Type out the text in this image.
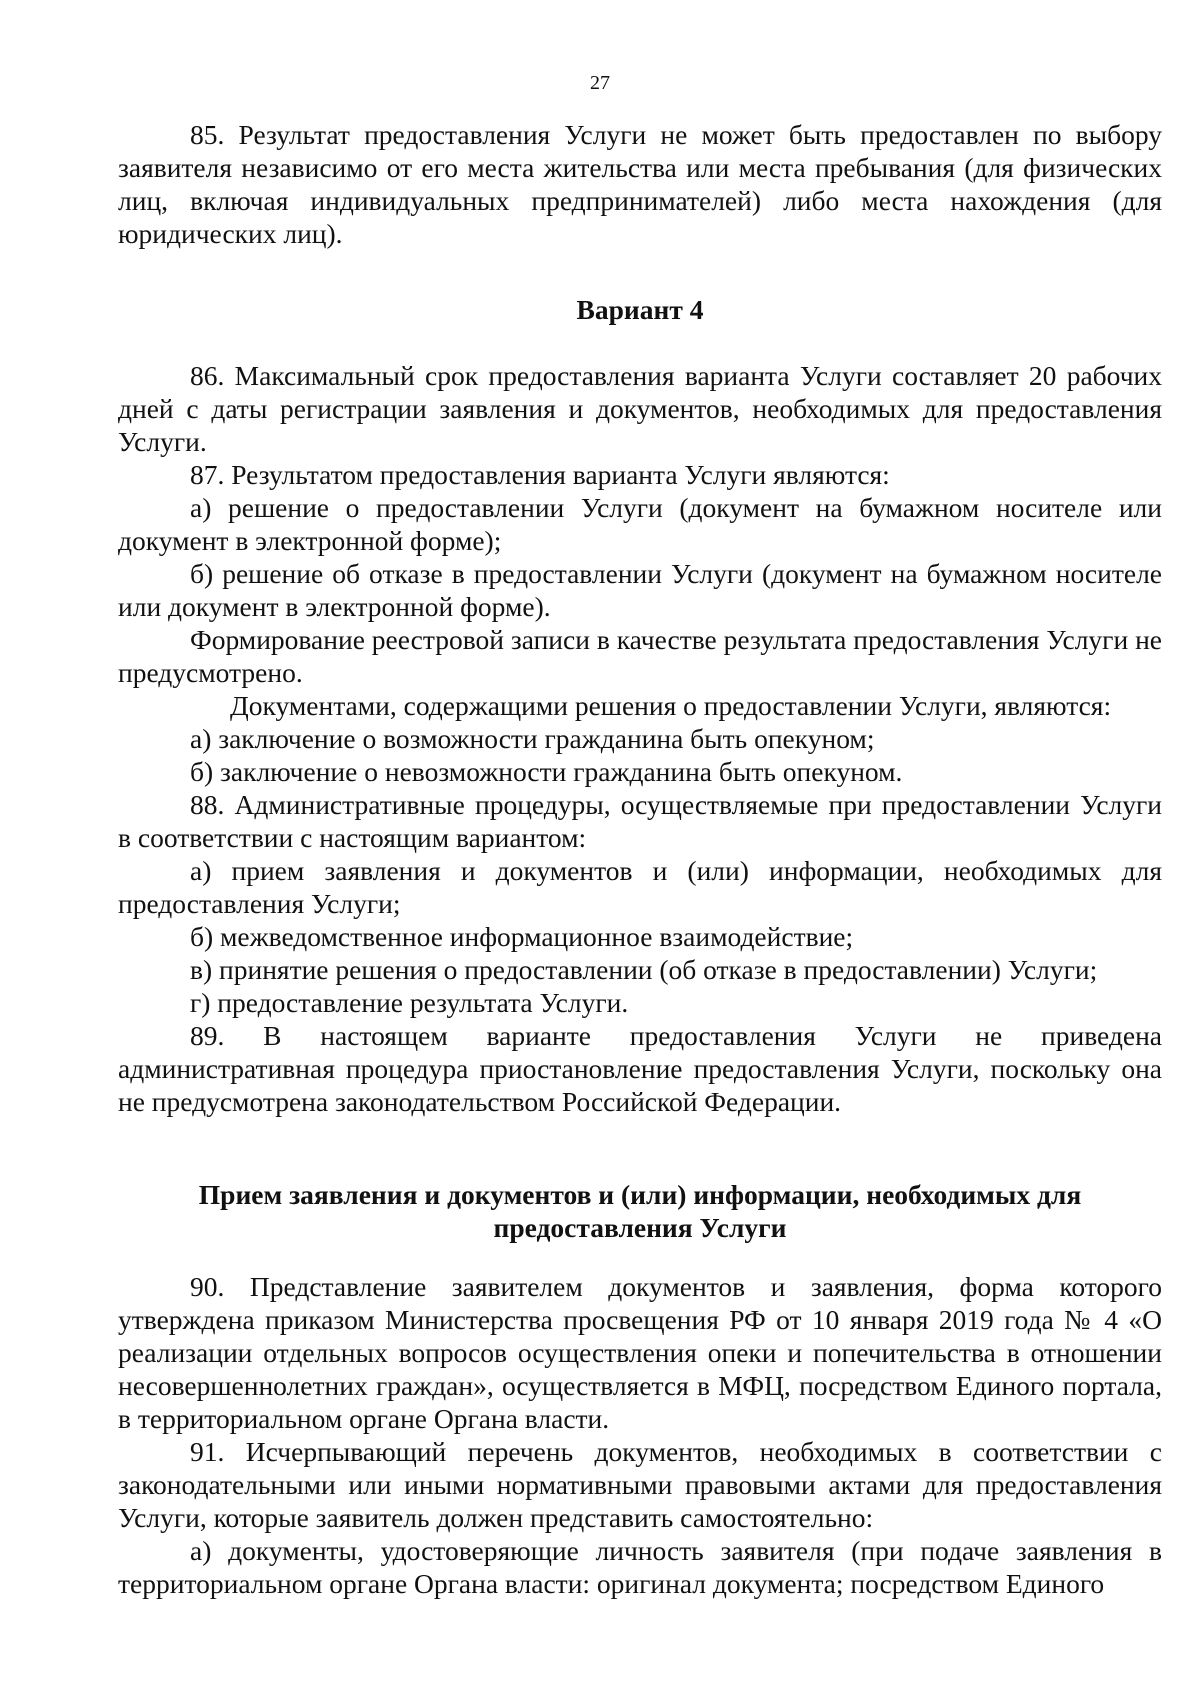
27

85. Результат предоставления Услуги не может быть предоставлен по выбору заявителя независимо от его места жительства или места пребывания (для физических лиц, включая индивидуальных предпринимателей) либо места нахождения (для юридических лиц).

Вариант 4

86. Максимальный срок предоставления варианта Услуги составляет 20 рабочих дней с даты регистрации заявления и документов, необходимых для предоставления Услуги.

87. Результатом предоставления варианта Услуги являются:

а) решение о предоставлении Услуги (документ на бумажном носителе или документ в электронной форме);

б) решение об отказе в предоставлении Услуги (документ на бумажном носителе или документ в электронной форме).

Формирование реестровой записи в качестве результата предоставления Услуги не предусмотрено.

Документами, содержащими решения о предоставлении Услуги, являются:

а) заключение о возможности гражданина быть опекуном;

б) заключение о невозможности гражданина быть опекуном.

88. Административные процедуры, осуществляемые при предоставлении Услуги в соответствии с настоящим вариантом:

а) прием заявления и документов и (или) информации, необходимых для предоставления Услуги;

б) межведомственное информационное взаимодействие;

в) принятие решения о предоставлении (об отказе в предоставлении) Услуги;

г) предоставление результата Услуги.

89. В настоящем варианте предоставления Услуги не приведена административная процедура приостановление предоставления Услуги, поскольку она не предусмотрена законодательством Российской Федерации.

Прием заявления и документов и (или) информации, необходимых для

предоставления Услуги

90. Представление заявителем документов и заявления, форма которого утверждена приказом Министерства просвещения РФ от 10 января 2019 года № 4 «О реализации отдельных вопросов осуществления опеки и попечительства в отношении несовершеннолетних граждан», осуществляется в МФЦ, посредством Единого портала, в территориальном органе Органа власти.

91. Исчерпывающий перечень документов, необходимых в соответствии с законодательными или иными нормативными правовыми актами для предоставления Услуги, которые заявитель должен представить самостоятельно:

а) документы, удостоверяющие личность заявителя (при подаче заявления в территориальном органе Органа власти: оригинал документа; посредством Единого
